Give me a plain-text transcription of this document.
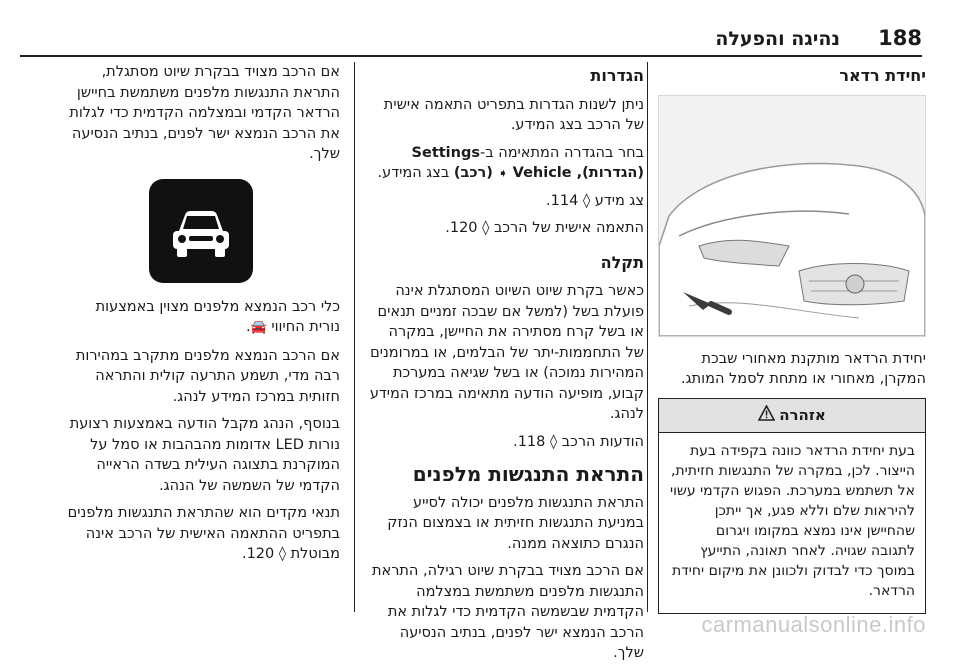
נהיגה והפעלה 188
יחידת רדאר

יחידת הרדאר מותקנת מאחורי שבכת המקרן, מאחורי או מתחת לסמל המותג.

אזהרה
בעת יחידת הרדאר כוונה בקפידה בעת הייצור. לכן, במקרה של התנגשות חזיתית, אל תשתמש במערכת. הפגוש הקדמי עשוי להיראות שלם וללא פגע, אך ייתכן שהחיישן אינו נמצא במקומו ויגרום לתגובה שגויה. לאחר תאונה, התייעץ במוסך כדי לבדוק ולכוונן את מיקום יחידת הרדאר.
הגדרות

ניתן לשנות הגדרות בתפריט התאמה אישית של הרכב בצג המידע.

בחר בהגדרה המתאימה ב-Settings (הגדרות), Vehicle ➧ (רכב) בצג המידע.

צג מידע ◊ 114.

התאמה אישית של הרכב ◊ 120.

תקלה

כאשר בקרת שיוט השיוט המסתגלת אינה פועלת בשל (למשל אם שבכה זמניים תנאים או בשל קרח מסתירה את החיישן, במקרה של התחממות-יתר של הבלמים, או במרומנים המהירות נמוכה) או בשל שגיאה במערכת קבוע, מופיעה הודעה מתאימה במרכז המידע לנהג.

הודעות הרכב ◊ 118.

התראת התנגשות מלפנים

התראת התנגשות מלפנים יכולה לסייע במניעת התנגשות חזיתית או בצמצום הנזק הנגרם כתוצאה ממנה.

אם הרכב מצויד בבקרת שיוט רגילה, התראת התנגשות מלפנים משתמשת במצלמה הקדמית שבשמשה הקדמית כדי לגלות את הרכב הנמצא ישר לפנים, בנתיב הנסיעה שלך.

אם הרכב מצויד בבקרת שיוט מסתגלת, התראת התנגשות מלפנים משתמשת בחיישן הרדאר הקדמי ובמצלמה הקדמית כדי לגלות את הרכב הנמצא ישר לפנים, בנתיב הנסיעה שלך.

כלי רכב הנמצא מלפנים מצוין באמצעות נורית החיווי 🚘.

אם הרכב הנמצא מלפנים מתקרב במהירות רבה מדי, תשמע התרעה קולית והתראה חזותית במרכז המידע לנהג.

בנוסף, הנהג מקבל הודעה באמצעות רצועת נורות LED אדומות מהבהבות או סמל על המוקרנת בתצוגה העילית בשדה הראייה הקדמי של השמשה של הנהג.

תנאי מקדים הוא שהתראת התנגשות מלפנים בתפריט ההתאמה האישית של הרכב אינה מבוטלת ◊ 120.

carmanualsonline.info
